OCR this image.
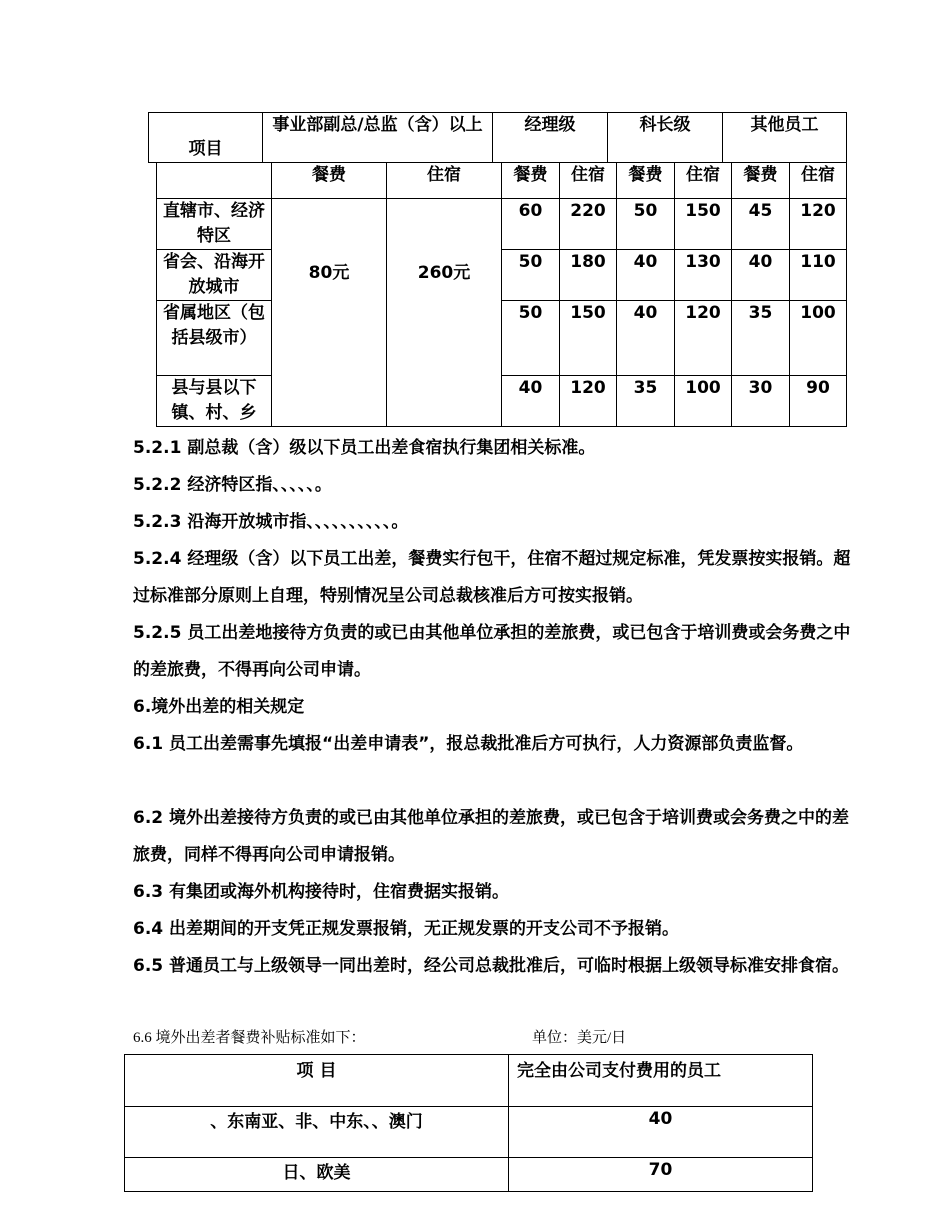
项目	事业部副总/总监（含）以上	经理级	科长级	其他员工
	餐费	住宿	餐费	住宿	餐费	住宿	餐费	住宿
直辖市、经济特区	80元	260元	60	220	50	150	45	120
省会、沿海开放城市			50	180	40	130	40	110
省属地区（包括县级市）			50	150	40	120	35	100
县与县以下镇、村、乡			40	120	35	100	30	90

5.2.1 副总裁（含）级以下员工出差食宿执行集团相关标准。

5.2.2 经济特区指、、、、、。

5.2.3 沿海开放城市指、、、、、、、、、、。

5.2.4 经理级（含）以下员工出差，餐费实行包干，住宿不超过规定标准，凭发票按实报销。超过标准部分原则上自理，特别情况呈公司总裁核准后方可按实报销。

5.2.5 员工出差地接待方负责的或已由其他单位承担的差旅费，或已包含于培训费或会务费之中的差旅费，不得再向公司申请。

6.境外出差的相关规定

6.1 员工出差需事先填报“出差申请表”，报总裁批准后方可执行，人力资源部负责监督。

6.2 境外出差接待方负责的或已由其他单位承担的差旅费，或已包含于培训费或会务费之中的差旅费，同样不得再向公司申请报销。

6.3 有集团或海外机构接待时，住宿费据实报销。

6.4 出差期间的开支凭正规发票报销，无正规发票的开支公司不予报销。

6.5 普通员工与上级领导一同出差时，经公司总裁批准后，可临时根据上级领导标准安排食宿。

6.6 境外出差者餐费补贴标准如下：	单位：美元/日
项 目	完全由公司支付费用的员工
、东南亚、非、中东、、澳门	40
日、欧美	70
